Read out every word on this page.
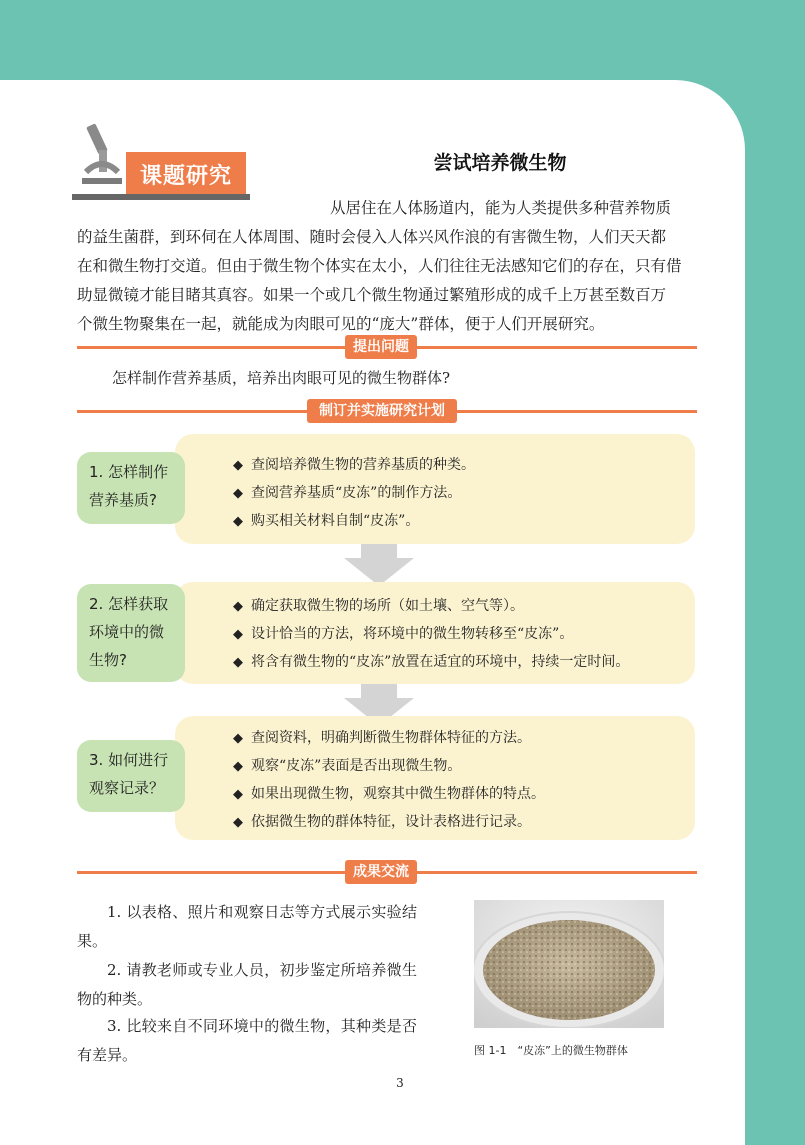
课题研究
尝试培养微生物
从居住在人体肠道内，能为人类提供多种营养物质
的益生菌群，到环伺在人体周围、随时会侵入人体兴风作浪的有害微生物，人们天天都
在和微生物打交道。但由于微生物个体实在太小，人们往往无法感知它们的存在，只有借
助显微镜才能目睹其真容。如果一个或几个微生物通过繁殖形成的成千上万甚至数百万
个微生物聚集在一起，就能成为肉眼可见的“庞大”群体，便于人们开展研究。
提出问题
怎样制作营养基质，培养出肉眼可见的微生物群体?
制订并实施研究计划
◆ 查阅培养微生物的营养基质的种类。
◆ 查阅营养基质“皮冻”的制作方法。
◆ 购买相关材料自制“皮冻”。
1. 怎样制作营养基质?
◆ 确定获取微生物的场所（如土壤、空气等）。
◆ 设计恰当的方法，将环境中的微生物转移至“皮冻”。
◆ 将含有微生物的“皮冻”放置在适宜的环境中，持续一定时间。
2. 怎样获取环境中的微生物?
◆ 查阅资料，明确判断微生物群体特征的方法。
◆ 观察“皮冻”表面是否出现微生物。
◆ 如果出现微生物，观察其中微生物群体的特点。
◆ 依据微生物的群体特征，设计表格进行记录。
3. 如何进行观察记录？
成果交流
1. 以表格、照片和观察日志等方式展示实验结果。
2. 请教老师或专业人员，初步鉴定所培养微生物的种类。
3. 比较来自不同环境中的微生物，其种类是否有差异。	图 1-1　“皮冻”上的微生物群体
3
